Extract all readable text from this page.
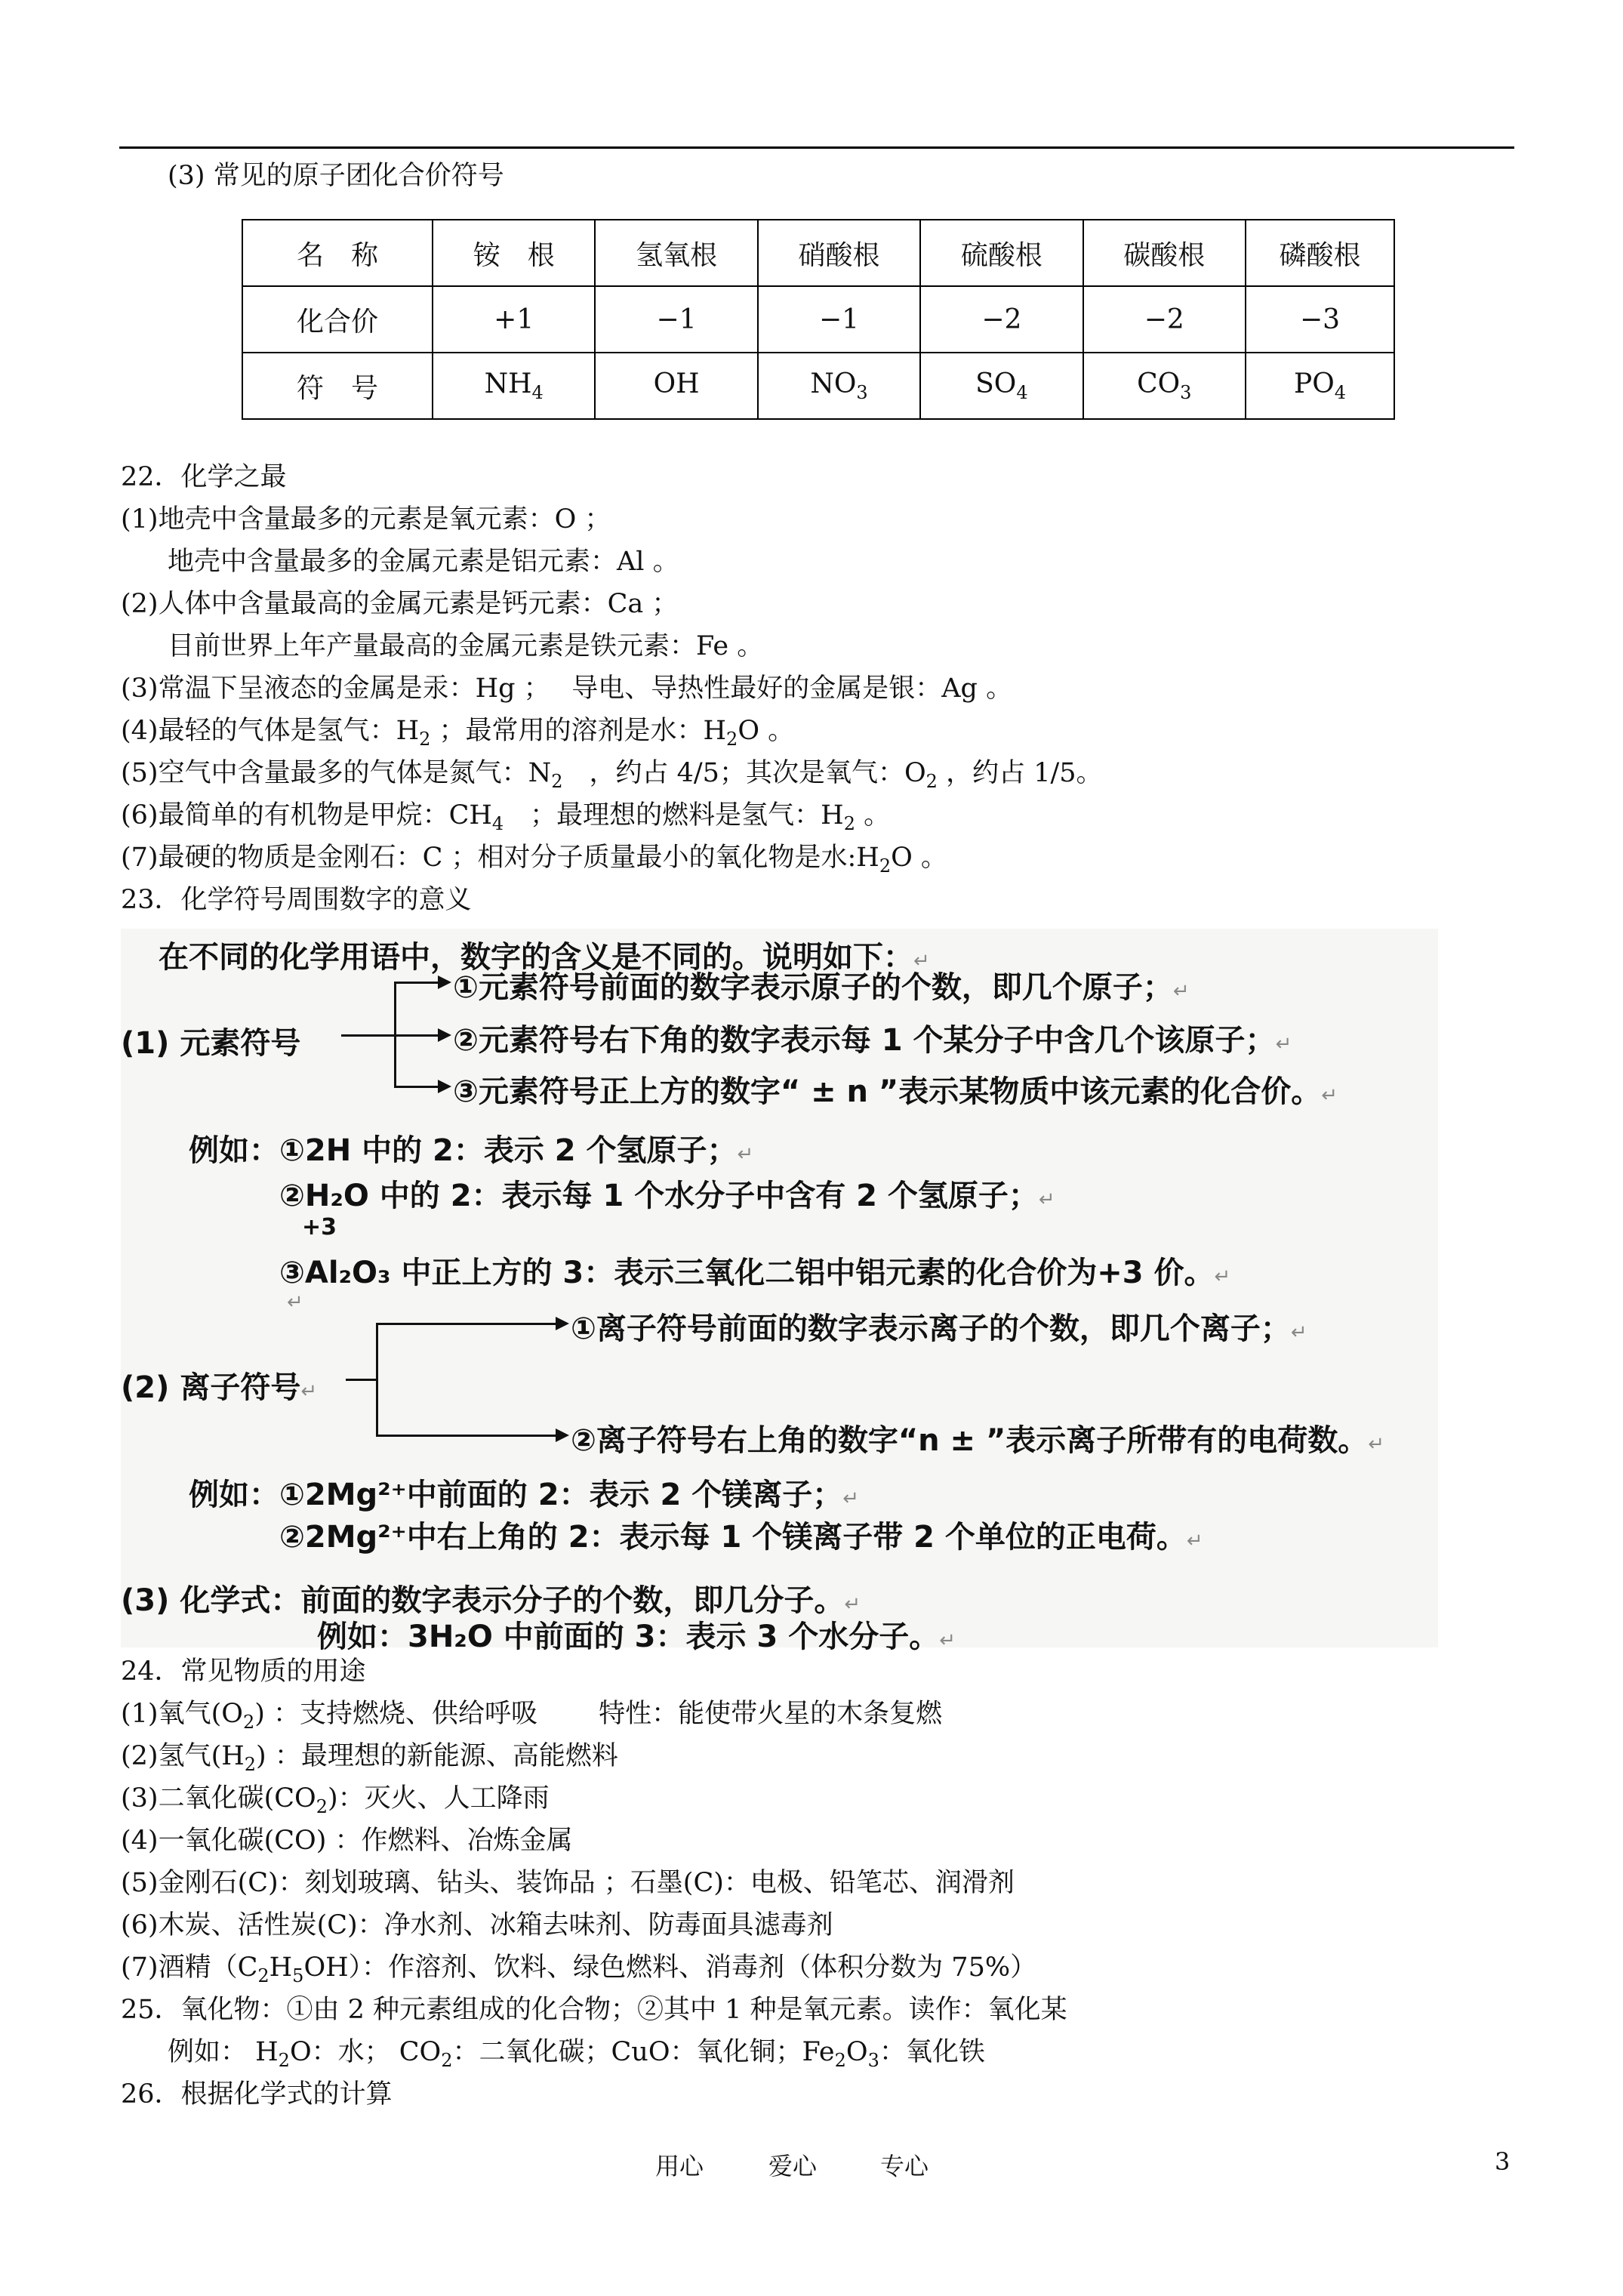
(3) 常见的原子团化合价符号
名　称	铵　根	氢氧根	硝酸根	硫酸根	碳酸根	磷酸根
化合价	+1	−1	−1	−2	−2	−3
符　号	$NH_4$	OH	$NO_3$	$SO_4$	$CO_3$	$PO_4$
22．化学之最
(1)地壳中含量最多的元素是氧元素：O ；
地壳中含量最多的金属元素是铝元素：Al 。
(2)人体中含量最高的金属元素是钙元素：Ca ；
目前世界上年产量最高的金属元素是铁元素：Fe 。
(3)常温下呈液态的金属是汞：Hg ；　 导电、导热性最好的金属是银：Ag 。
(4)最轻的气体是氢气：$H_2$ ；最常用的溶剂是水：$H_2O$ 。
(5)空气中含量最多的气体是氮气：$N_2$　，约占 4/5；其次是氧气：$O_2$ ，约占 1/5。
(6)最简单的有机物是甲烷：$CH_4$　；最理想的燃料是氢气：$H_2$ 。
(7)最硬的物质是金刚石：C ；相对分子质量最小的氧化物是水$:H_2O$ 。
23．化学符号周围数字的意义
在不同的化学用语中，数字的含义是不同的。说明如下：↵
(1) 元素符号
①元素符号前面的数字表示原子的个数，即几个原子；↵
②元素符号右下角的数字表示每 1 个某分子中含几个该原子；↵
③元素符号正上方的数字“ ± n ”表示某物质中该元素的化合价。↵
例如： ①2H 中的 2：表示 2 个氢原子；↵
②H₂O 中的 2：表示每 1 个水分子中含有 2 个氢原子；↵
+3
③Al₂O₃ 中正上方的 3：表示三氧化二铝中铝元素的化合价为+3 价。↵
↵
(2) 离子符号↵
①离子符号前面的数字表示离子的个数，即几个离子；↵
②离子符号右上角的数字“n ± ”表示离子所带有的电荷数。↵
例如： ①2Mg²⁺中前面的 2：表示 2 个镁离子；↵
②2Mg²⁺中右上角的 2：表示每 1 个镁离子带 2 个单位的正电荷。↵
(3) 化学式：前面的数字表示分子的个数，即几分子。↵
例如：3H₂O 中前面的 3：表示 3 个水分子。↵
24．常见物质的用途
(1)氧气$(O_2)$ ：支持燃烧、供给呼吸　　 特性：能使带火星的木条复燃
(2)氢气$(H_2)$ ：最理想的新能源、高能燃料
(3)二氧化碳$(CO_2)$：灭火、人工降雨
(4)一氧化碳(CO) ：作燃料、冶炼金属
(5)金刚石(C)：刻划玻璃、钻头、装饰品 ；石墨(C)：电极、铅笔芯、润滑剂
(6)木炭、活性炭(C)：净水剂、冰箱去味剂、防毒面具滤毒剂
(7)酒精$(C_2H_5OH)$：作溶剂、饮料、绿色燃料、消毒剂（体积分数为 75%）
25．氧化物：①由 2 种元素组成的化合物；②其中 1 种是氧元素。读作：氧化某
例如： $H_2O$：水； $CO_2$：二氧化碳；CuO：氧化铜；$Fe_2O_3$：氧化铁
26．根据化学式的计算
用心	爱心	专心	3
